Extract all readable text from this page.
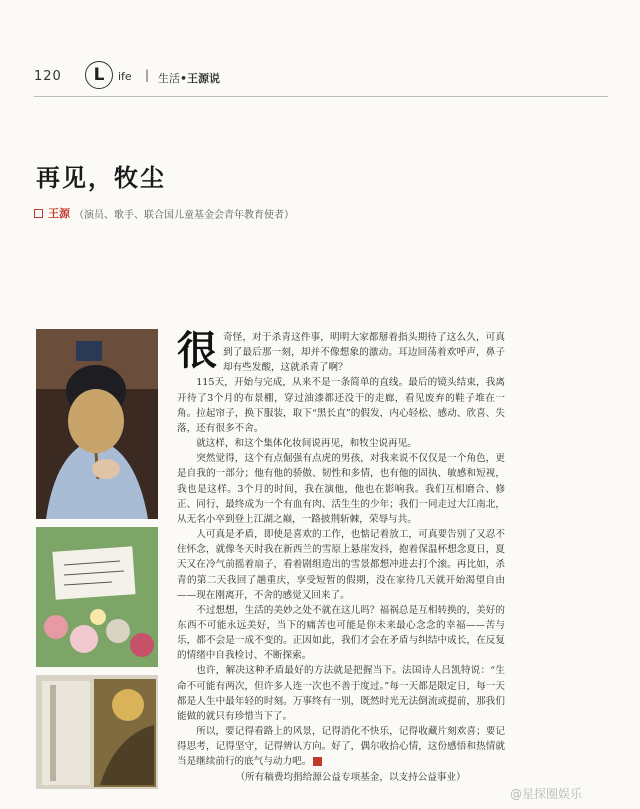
120	L	ife | 生活•王源说
再见，牧尘
王源 （演员、歌手、联合国儿童基金会青年教育使者）

很奇怪，对于杀青这件事，明明大家都掰着指头期待了这么久，可真到了最后那一刻，却并不像想象的激动。耳边回荡着欢呼声，鼻子却有些发酸，这就杀青了啊？

115天，开始与完成，从来不是一条简单的直线。最后的镜头结束，我离开待了3个月的布景棚，穿过油漆都还没干的走廊，看见废弃的鞋子堆在一角。拉起帘子，换下服装，取下“黑长直”的假发，内心轻松、感动、欣喜、失落，还有很多不舍。

就这样，和这个集体化妆间说再见，和牧尘说再见。

突然觉得，这个有点倔强有点虎的男孩，对我来说不仅仅是一个角色，更是自我的一部分；他有他的骄傲、韧性和多情，也有他的固执、敏感和短视，我也是这样。3个月的时间，我在演他，他也在影响我。我们互相磨合、修正、同行，最终成为一个有血有肉、活生生的少年；我们一同走过大江南北，从无名小卒到登上江湖之巅，一路披荆斩棘，荣辱与共。

人可真是矛盾，即使是喜欢的工作，也惦记着放工，可真要告别了又忍不住怀念，就像冬天时我在新西兰的雪原上悬崖发抖，抱着保温杯想念夏日，夏天又在冷气前摇着扇子，看着剧组造出的雪景都想冲进去打个滚。再比如，杀青的第二天我回了趟重庆，享受短暂的假期，没在家待几天就开始渴望自由——现在刚离开，不舍的感觉又回来了。

不过想想，生活的美妙之处不就在这儿吗？福祸总是互相转换的，美好的东西不可能永远美好，当下的痛苦也可能是你未来最心念念的幸福——苦与乐，都不会是一成不变的。正因如此，我们才会在矛盾与纠结中成长，在反复的情绪中自我检讨、不断探索。

也许，解决这种矛盾最好的方法就是把握当下。法国诗人吕凯特说：“生命不可能有两次，但许多人连一次也不善于度过。”每一天都是限定日，每一天都是人生中最年轻的时刻。万事终有一别，既然时光无法倒流或提前，那我们能做的就只有珍惜当下了。

所以，要记得看路上的风景，记得消化不快乐，记得收藏片刻欢喜；要记得思考，记得坚守，记得辨认方向。好了，偶尔收拾心情，这份感悟和热情就当是继续前行的底气与动力吧。	G

（所有稿费均捐给源公益专项基金，以支持公益事业）

@星探圈娱乐
